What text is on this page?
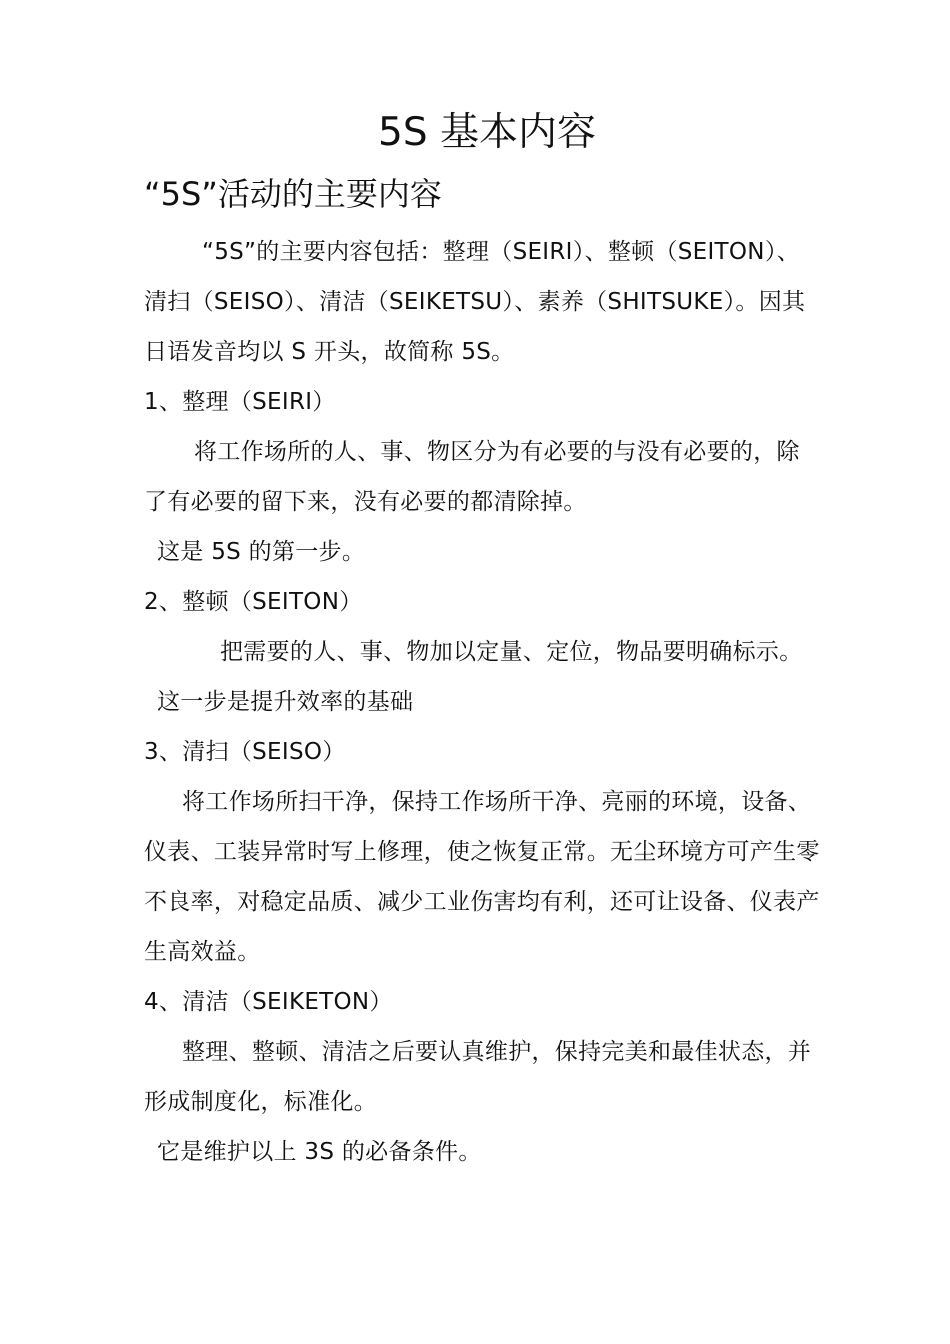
5S 基本内容
“5S”活动的主要内容

“5S”的主要内容包括：整理（SEIRI）、整顿（SEITON）、清扫（SEISO）、清洁（SEIKETSU）、素养（SHITSUKE）。因其日语发音均以 S 开头，故简称 5S。

1、整理（SEIRI）

将工作场所的人、事、物区分为有必要的与没有必要的，除了有必要的留下来，没有必要的都清除掉。

这是 5S 的第一步。

2、整顿（SEITON）

把需要的人、事、物加以定量、定位，物品要明确标示。

这一步是提升效率的基础

3、清扫（SEISO）

将工作场所扫干净，保持工作场所干净、亮丽的环境，设备、仪表、工装异常时写上修理，使之恢复正常。无尘环境方可产生零不良率，对稳定品质、减少工业伤害均有利，还可让设备、仪表产生高效益。

4、清洁（SEIKETON）

整理、整顿、清洁之后要认真维护，保持完美和最佳状态，并形成制度化，标准化。

它是维护以上 3S 的必备条件。
